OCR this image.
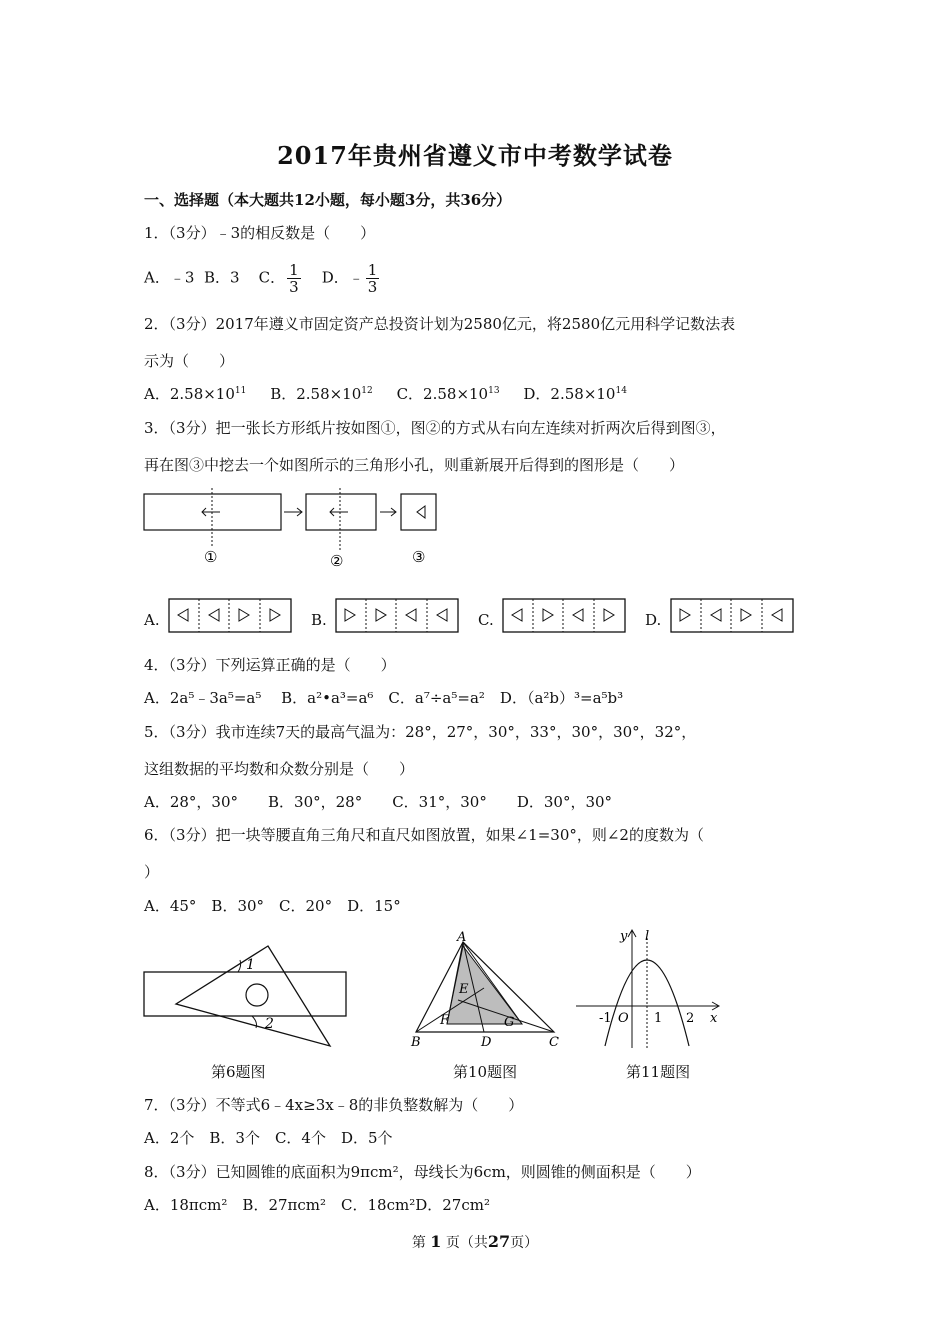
2017年贵州省遵义市中考数学试卷
一、选择题（本大题共12小题，每小题3分，共36分）
1．（3分）﹣3的相反数是（　　）
A．﹣3 B．3 C． $\frac{1}{3}$ D．﹣ $\frac{1}{3}$
2．（3分）2017年遵义市固定资产总投资计划为2580亿元，将2580亿元用科学记数法表
示为（　　）
A．$2.58\times 10^{11}$ B．$2.58\times 10^{12}$ C．$2.58\times 10^{13}$ D．$2.58\times 10^{14}$
3．（3分）把一张长方形纸片按如图①，图②的方式从右向左连续对折两次后得到图③，
再在图③中挖去一个如图所示的三角形小孔，则重新展开后得到的图形是（　　）
①	②	③
A.	B.	C.	D.
4．（3分）下列运算正确的是（　　）
A．2a⁵﹣3a⁵=a⁵　 B．a²•a³=a⁶　C．a⁷÷a⁵=a²　D．（a²b）³=a⁵b³
5．（3分）我市连续7天的最高气温为：28°，27°，30°，33°，30°，30°，32°，
这组数据的平均数和众数分别是（　　）
A．28°，30°　　B．30°，28°　　C．31°，30°　　D．30°，30°
6．（3分）把一块等腰直角三角尺和直尺如图放置，如果∠1=30°，则∠2的度数为（
）
A．45°　B．30°　C．20°　D．15°
1
2
第6题图
A
B	C
D
E
F	G
第10题图
y l
O	x
-1	1 2
第11题图
7．（3分）不等式6﹣4x≥3x﹣8的非负整数解为（　　）
A．2个　B．3个　C．4个　D．5个
8．（3分）已知圆锥的底面积为9πcm²，母线长为6cm，则圆锥的侧面积是（　　）
A．18πcm²　B．27πcm²　C．18cm²D．27cm²
第 1 页（共27页）
